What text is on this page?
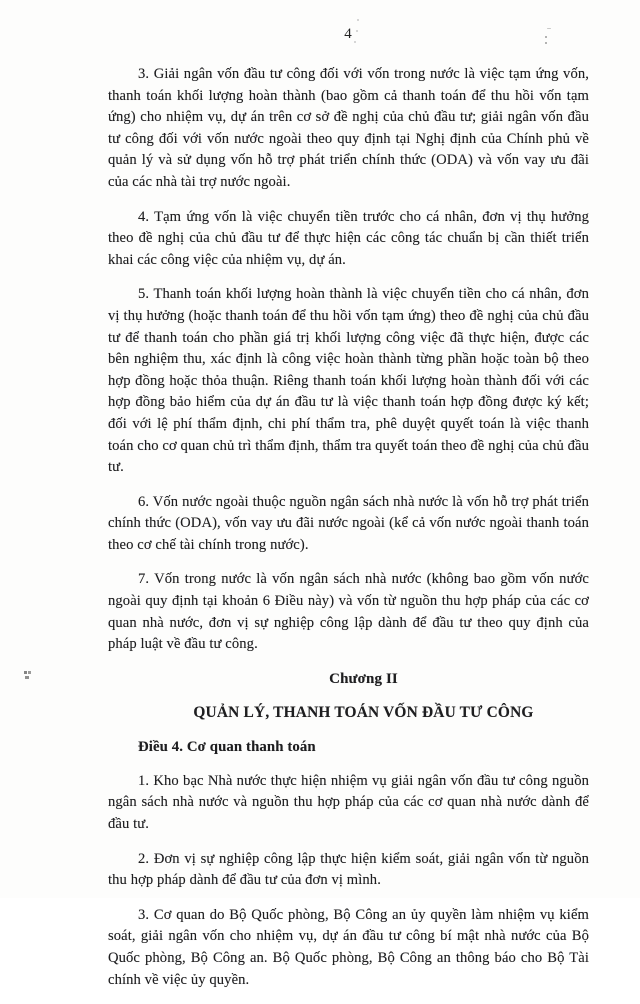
4

3. Giải ngân vốn đầu tư công đối với vốn trong nước là việc tạm ứng vốn, thanh toán khối lượng hoàn thành (bao gồm cả thanh toán để thu hồi vốn tạm ứng) cho nhiệm vụ, dự án trên cơ sở đề nghị của chủ đầu tư; giải ngân vốn đầu tư công đối với vốn nước ngoài theo quy định tại Nghị định của Chính phủ về quản lý và sử dụng vốn hỗ trợ phát triển chính thức (ODA) và vốn vay ưu đãi của các nhà tài trợ nước ngoài.

4. Tạm ứng vốn là việc chuyển tiền trước cho cá nhân, đơn vị thụ hưởng theo đề nghị của chủ đầu tư để thực hiện các công tác chuẩn bị cần thiết triển khai các công việc của nhiệm vụ, dự án.

5. Thanh toán khối lượng hoàn thành là việc chuyển tiền cho cá nhân, đơn vị thụ hưởng (hoặc thanh toán để thu hồi vốn tạm ứng) theo đề nghị của chủ đầu tư để thanh toán cho phần giá trị khối lượng công việc đã thực hiện, được các bên nghiệm thu, xác định là công việc hoàn thành từng phần hoặc toàn bộ theo hợp đồng hoặc thỏa thuận. Riêng thanh toán khối lượng hoàn thành đối với các hợp đồng bảo hiểm của dự án đầu tư là việc thanh toán hợp đồng được ký kết; đối với lệ phí thẩm định, chi phí thẩm tra, phê duyệt quyết toán là việc thanh toán cho cơ quan chủ trì thẩm định, thẩm tra quyết toán theo đề nghị của chủ đầu tư.

6. Vốn nước ngoài thuộc nguồn ngân sách nhà nước là vốn hỗ trợ phát triển chính thức (ODA), vốn vay ưu đãi nước ngoài (kể cả vốn nước ngoài thanh toán theo cơ chế tài chính trong nước).

7. Vốn trong nước là vốn ngân sách nhà nước (không bao gồm vốn nước ngoài quy định tại khoản 6 Điều này) và vốn từ nguồn thu hợp pháp của các cơ quan nhà nước, đơn vị sự nghiệp công lập dành để đầu tư theo quy định của pháp luật về đầu tư công.

Chương II

QUẢN LÝ, THANH TOÁN VỐN ĐẦU TƯ CÔNG

Điều 4. Cơ quan thanh toán

1. Kho bạc Nhà nước thực hiện nhiệm vụ giải ngân vốn đầu tư công nguồn ngân sách nhà nước và nguồn thu hợp pháp của các cơ quan nhà nước dành để đầu tư.

2. Đơn vị sự nghiệp công lập thực hiện kiểm soát, giải ngân vốn từ nguồn thu hợp pháp dành để đầu tư của đơn vị mình.

3. Cơ quan do Bộ Quốc phòng, Bộ Công an ủy quyền làm nhiệm vụ kiểm soát, giải ngân vốn cho nhiệm vụ, dự án đầu tư công bí mật nhà nước của Bộ Quốc phòng, Bộ Công an. Bộ Quốc phòng, Bộ Công an thông báo cho Bộ Tài chính về việc ủy quyền.
